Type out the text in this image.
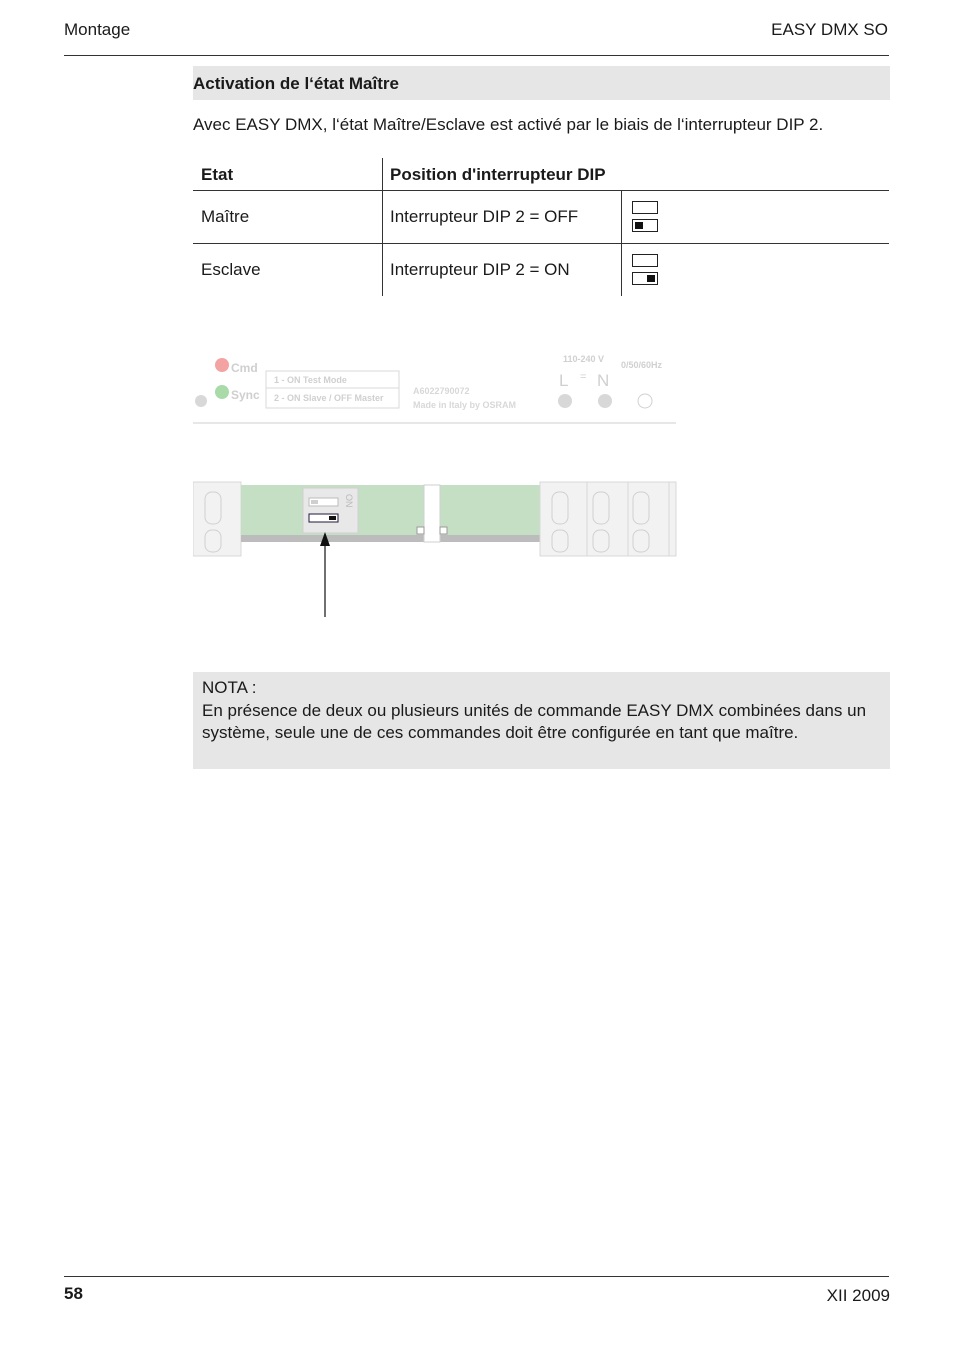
Montage	EASY DMX SO
Activation de l‘état Maître
Avec EASY DMX, l‘état Maître/Esclave est activé par le biais de l‘interrupteur DIP 2.
Etat	Position d'interrupteur DIP
Maître	Interrupteur DIP 2 = OFF
Esclave	Interrupteur DIP 2 = ON
Cmd
Sync
1 - ON Test Mode
2 - ON Slave / OFF Master
A6022790072
Made in Italy by OSRAM
110-240 V
0/50/60Hz
L = N
ON
NOTA :
En présence de deux ou plusieurs unités de commande EASY DMX combinées dans un système, seule une de ces commandes doit être configurée en tant que maître.
58	XII 2009
